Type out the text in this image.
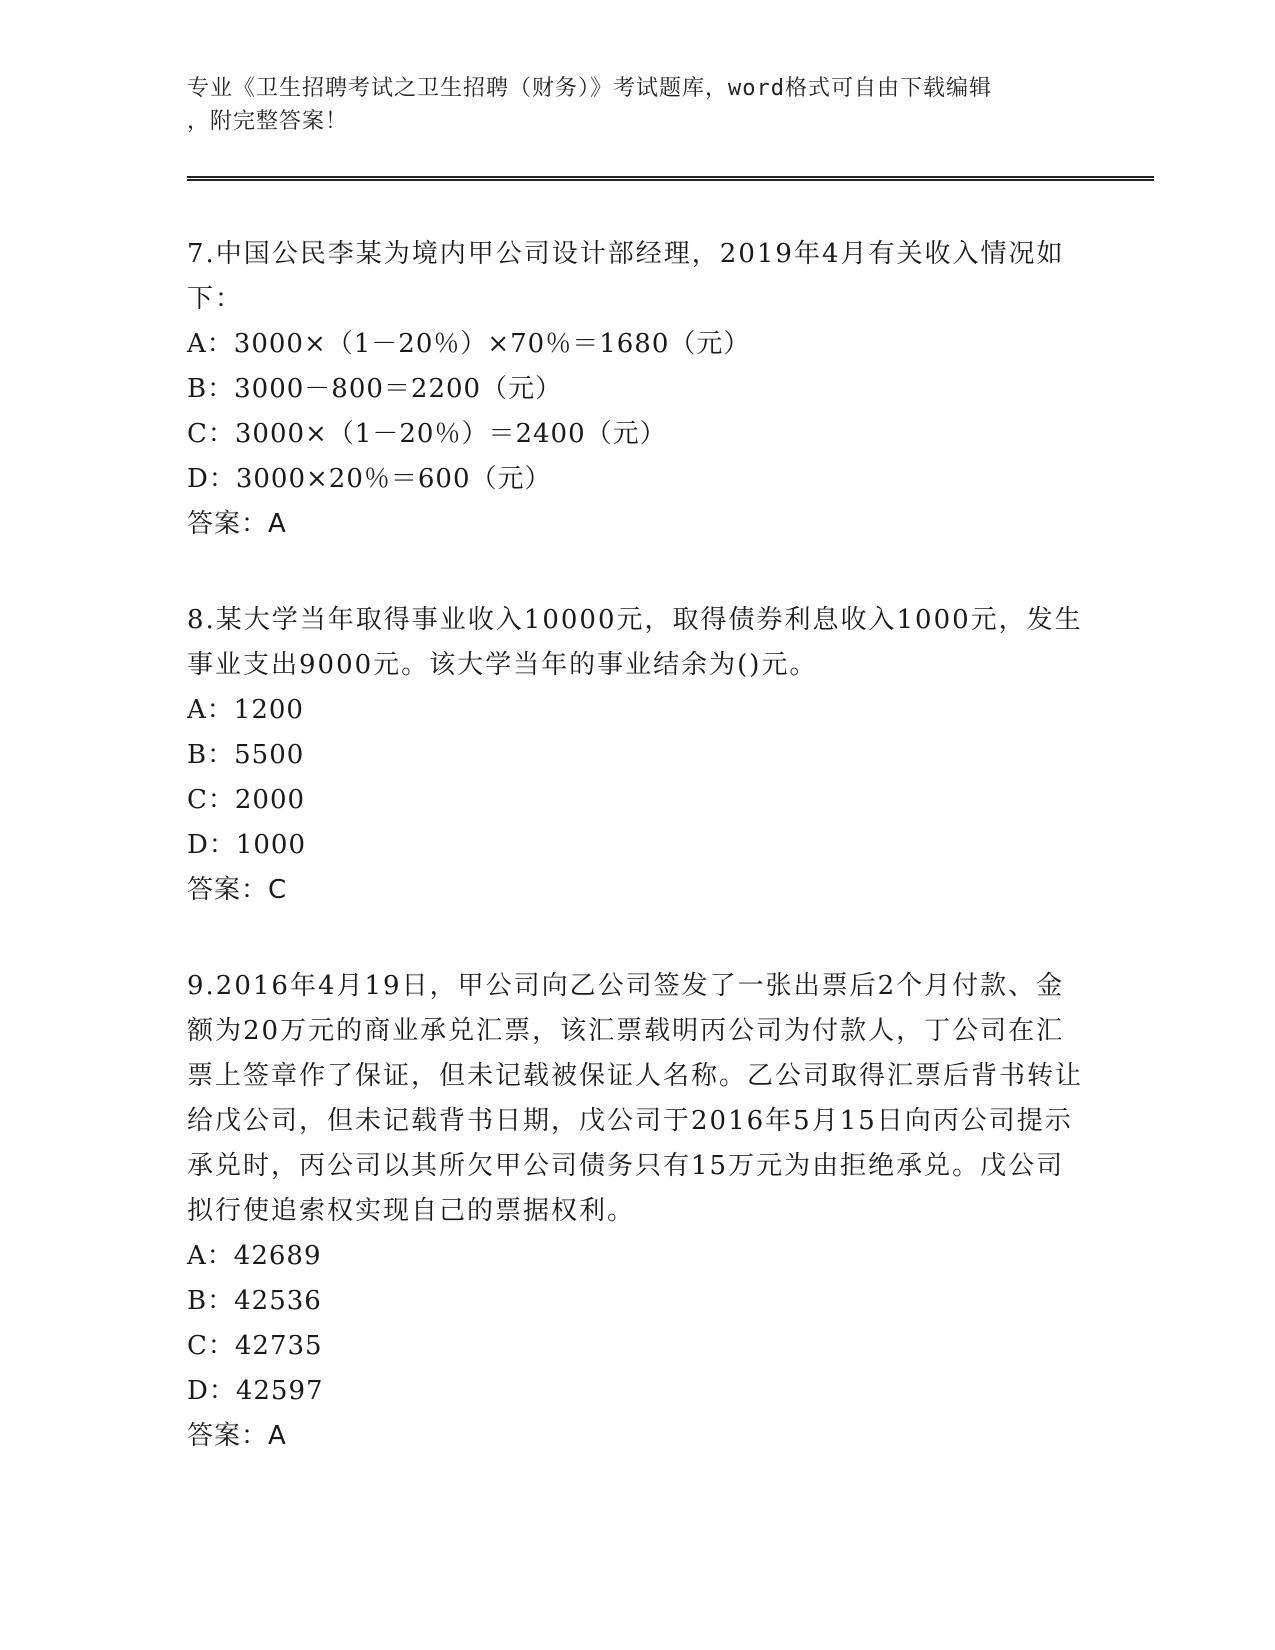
专业《卫生招聘考试之卫生招聘（财务）》考试题库，word格式可自由下载编辑
，附完整答案！

7.中国公民李某为境内甲公司设计部经理，2019年4月有关收入情况如下：

A：3000×（1－20％）×70％＝1680（元）

B：3000－800＝2200（元）

C：3000×（1－20％）＝2400（元）

D：3000×20％＝600（元）

答案：A

8.某大学当年取得事业收入10000元，取得债券利息收入1000元，发生事业支出9000元。该大学当年的事业结余为()元。

A：1200

B：5500

C：2000

D：1000

答案：C

9.2016年4月19日，甲公司向乙公司签发了一张出票后2个月付款、金额为20万元的商业承兑汇票，该汇票载明丙公司为付款人，丁公司在汇票上签章作了保证，但未记载被保证人名称。乙公司取得汇票后背书转让给戊公司，但未记载背书日期，戊公司于2016年5月15日向丙公司提示承兑时，丙公司以其所欠甲公司债务只有15万元为由拒绝承兑。戊公司拟行使追索权实现自己的票据权利。

A：42689

B：42536

C：42735

D：42597

答案：A
